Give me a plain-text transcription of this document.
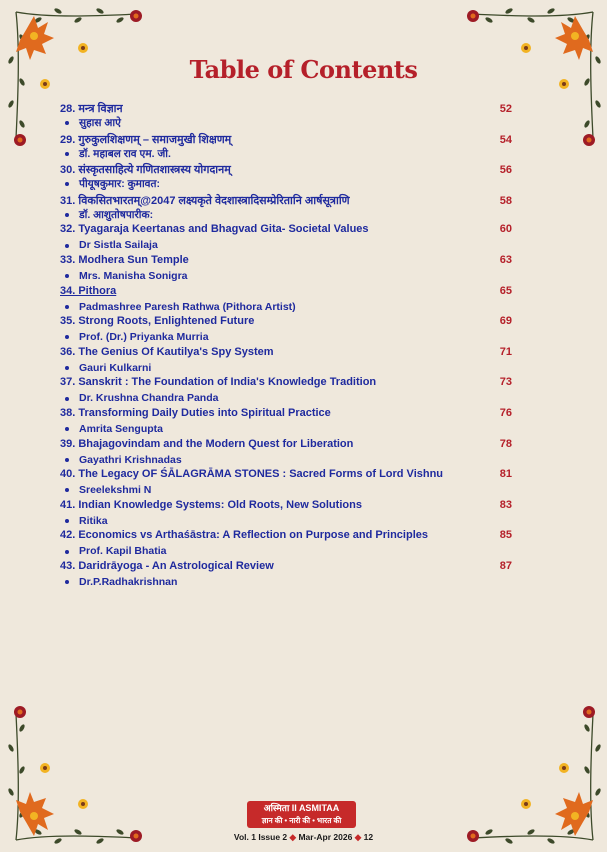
Table of Contents
28. मन्त्र विज्ञान	52
सुहास आऐ
29. गुरुकुलशिक्षणम् – समाजमुखी शिक्षणम्	54
डॉ. महाबल राव एम. जी.
30. संस्कृतसाहित्ये गणितशास्त्रस्य योगदानम्	56
पीयूषकुमार: कुमावत:
31. विकसितभारतम्@2047 लक्ष्यकृते वेदशास्त्रादिसम्प्रेरितानि आर्षसूत्राणि	58
डॉ. आशुतोषपारीक:
32. Tyagaraja Keertanas and Bhagvad Gita- Societal Values	60
Dr Sistla Sailaja
33. Modhera Sun Temple	63
Mrs. Manisha Sonigra
34. Pithora	65
Padmashree Paresh Rathwa (Pithora Artist)
35. Strong Roots, Enlightened Future	69
Prof. (Dr.) Priyanka Murria
36. The Genius Of Kautilya's Spy System	71
Gauri Kulkarni
37. Sanskrit : The Foundation of India's Knowledge Tradition	73
Dr. Krushna Chandra Panda
38. Transforming Daily Duties into Spiritual Practice	76
Amrita Sengupta
39. Bhajagovindam and the Modern Quest for Liberation	78
Gayathri Krishnadas
40. The Legacy OF ŚĀLAGRĀMA STONES : Sacred Forms of Lord Vishnu	81
Sreelekshmi N
41. Indian Knowledge Systems: Old Roots, New Solutions	83
Ritika
42. Economics vs Arthaśāstra: A Reflection on Purpose and Principles	85
Prof. Kapil Bhatia
43. Daridrāyoga - An Astrological Review	87
Dr.P.Radhakrishnan
अस्मिता II ASMITAA
ज्ञान की • नारी की • भारत की
Vol. 1 Issue 2 ◆ Mar-Apr 2026 ◆ 12
